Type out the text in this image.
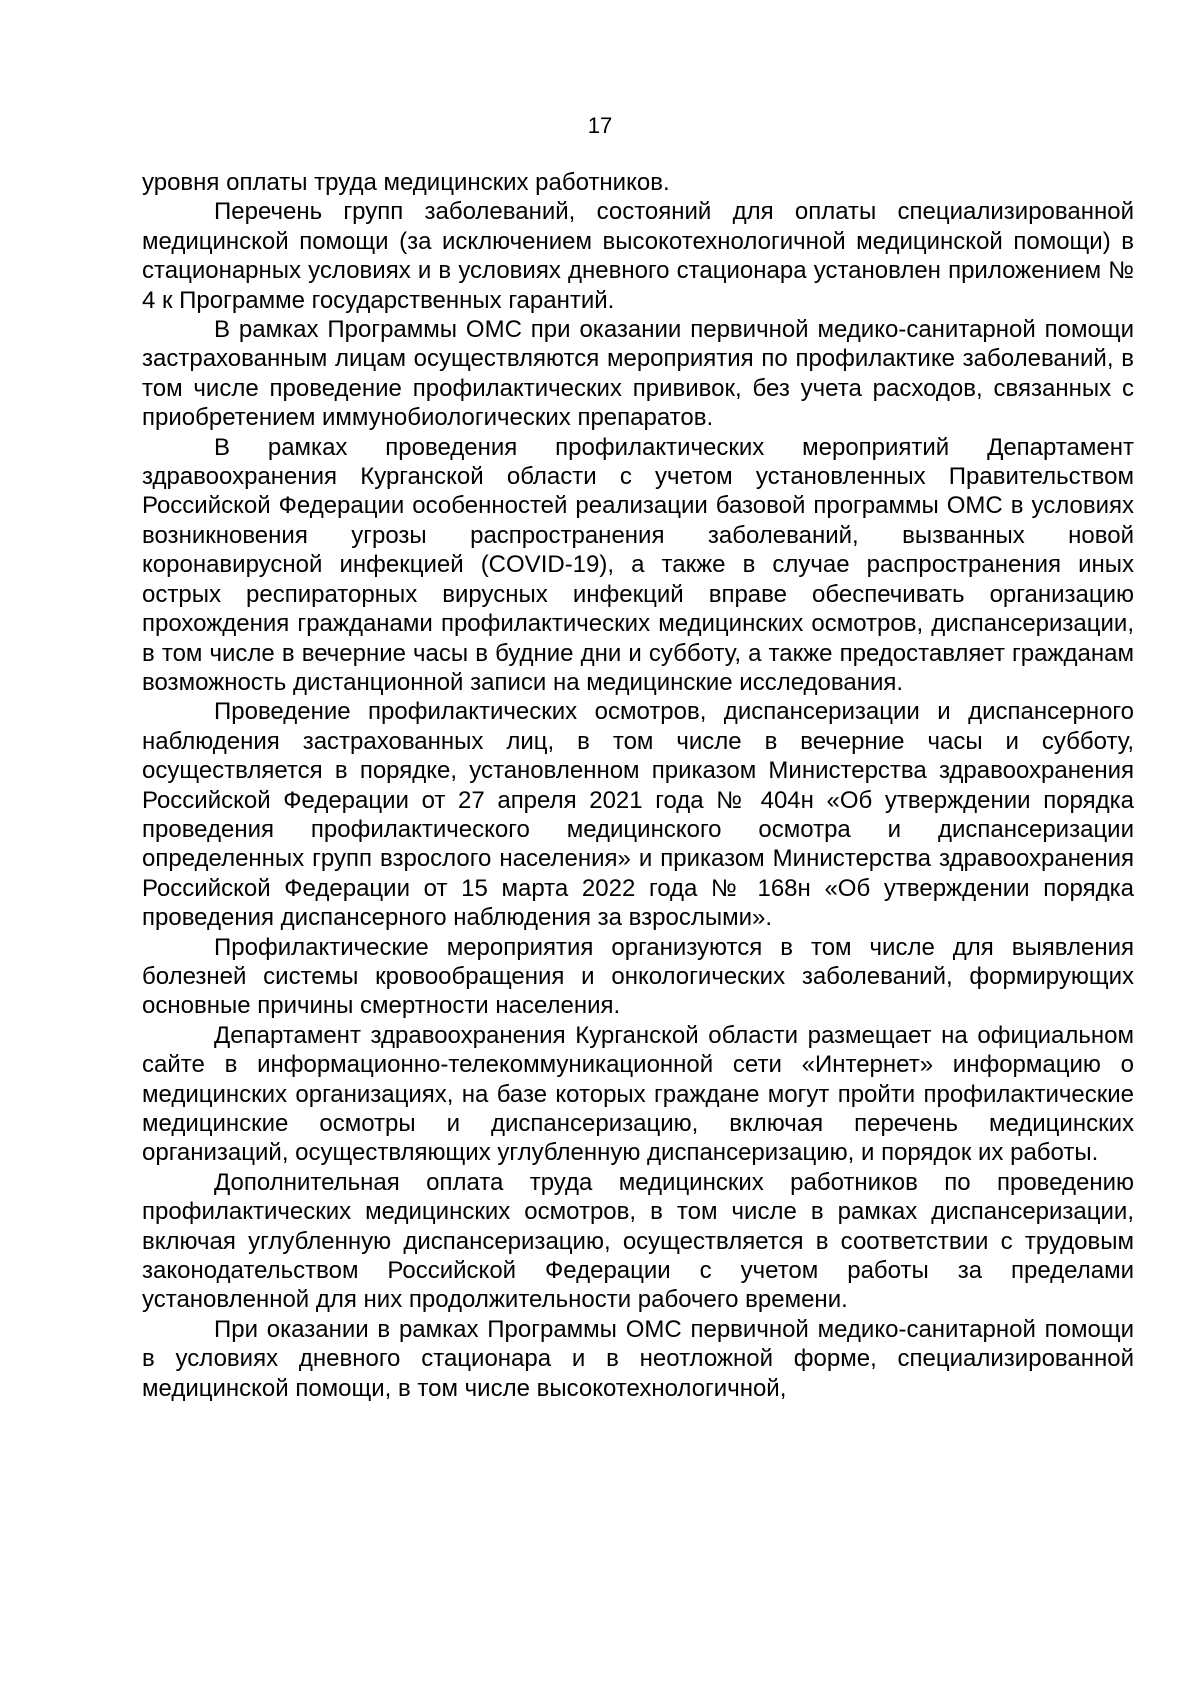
17

уровня оплаты труда медицинских работников.

Перечень групп заболеваний, состояний для оплаты специализированной медицинской помощи (за исключением высокотехнологичной медицинской помощи) в стационарных условиях и в условиях дневного стационара установлен приложением № 4 к Программе государственных гарантий.

В рамках Программы ОМС при оказании первичной медико-санитарной помощи застрахованным лицам осуществляются мероприятия по профилактике заболеваний, в том числе проведение профилактических прививок, без учета расходов, связанных с приобретением иммунобиологических препаратов.

В рамках проведения профилактических мероприятий Департамент здравоохранения Курганской области с учетом установленных Правительством Российской Федерации особенностей реализации базовой программы ОМС в условиях возникновения угрозы распространения заболеваний, вызванных новой коронавирусной инфекцией (COVID-19), а также в случае распространения иных острых респираторных вирусных инфекций вправе обеспечивать организацию прохождения гражданами профилактических медицинских осмотров, диспансеризации, в том числе в вечерние часы в будние дни и субботу, а также предоставляет гражданам возможность дистанционной записи на медицинские исследования.

Проведение профилактических осмотров, диспансеризации и диспансерного наблюдения застрахованных лиц, в том числе в вечерние часы и субботу, осуществляется в порядке, установленном приказом Министерства здравоохранения Российской Федерации от 27 апреля 2021 года № 404н «Об утверждении порядка проведения профилактического медицинского осмотра и диспансеризации определенных групп взрослого населения» и приказом Министерства здравоохранения Российской Федерации от 15 марта 2022 года № 168н «Об утверждении порядка проведения диспансерного наблюдения за взрослыми».

Профилактические мероприятия организуются в том числе для выявления болезней системы кровообращения и онкологических заболеваний, формирующих основные причины смертности населения.

Департамент здравоохранения Курганской области размещает на официальном сайте в информационно-телекоммуникационной сети «Интернет» информацию о медицинских организациях, на базе которых граждане могут пройти профилактические медицинские осмотры и диспансеризацию, включая перечень медицинских организаций, осуществляющих углубленную диспансеризацию, и порядок их работы.

Дополнительная оплата труда медицинских работников по проведению профилактических медицинских осмотров, в том числе в рамках диспансеризации, включая углубленную диспансеризацию, осуществляется в соответствии с трудовым законодательством Российской Федерации с учетом работы за пределами установленной для них продолжительности рабочего времени.

При оказании в рамках Программы ОМС первичной медико-санитарной помощи в условиях дневного стационара и в неотложной форме, специализированной медицинской помощи, в том числе высокотехнологичной,
